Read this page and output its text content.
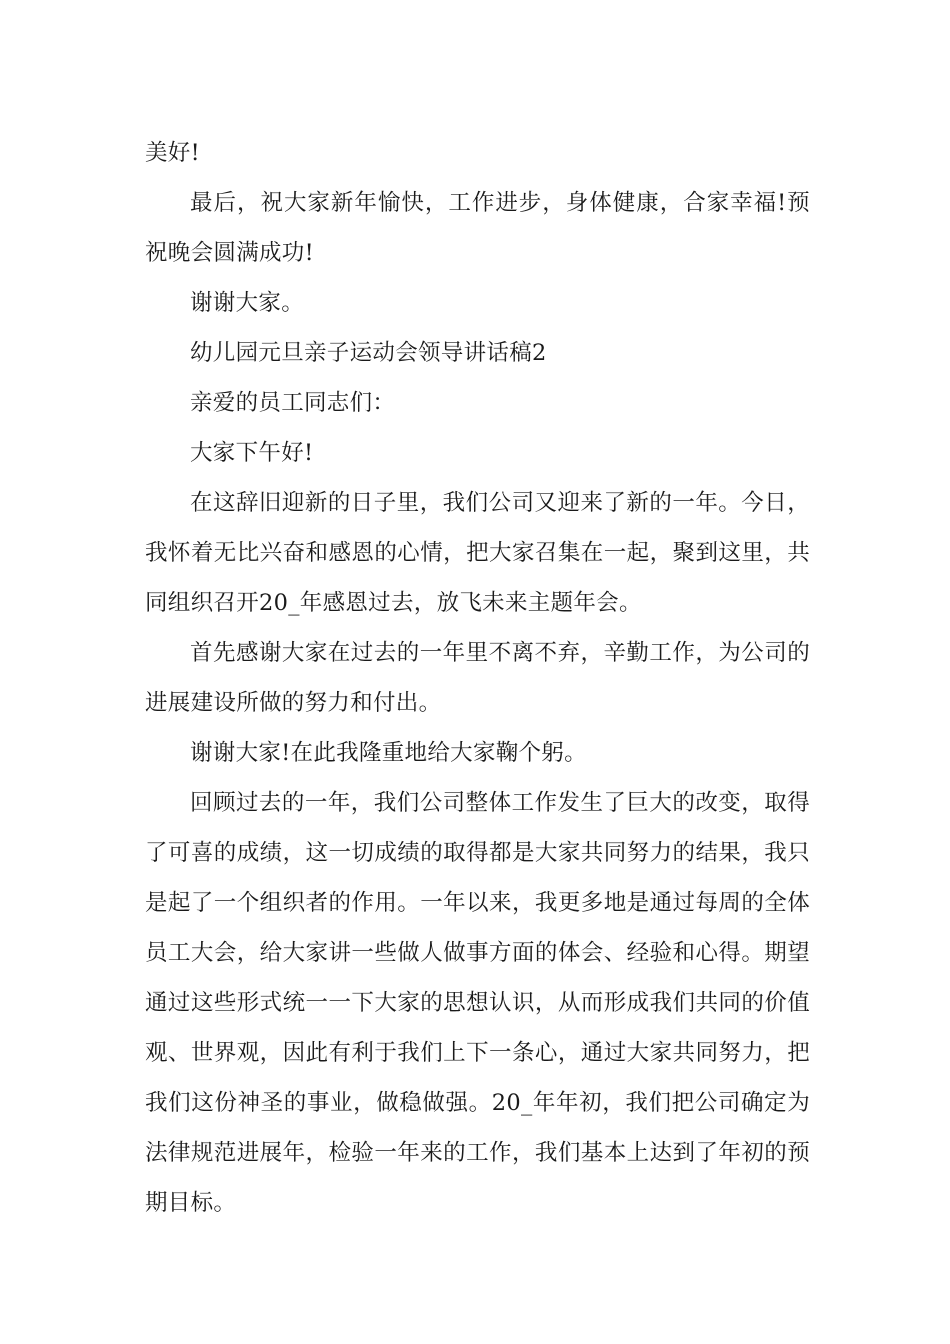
美好!

最后，祝大家新年愉快，工作进步，身体健康，合家幸福!预祝晚会圆满成功!

谢谢大家。

幼儿园元旦亲子运动会领导讲话稿2

亲爱的员工同志们：

大家下午好!

在这辞旧迎新的日子里，我们公司又迎来了新的一年。今日，我怀着无比兴奋和感恩的心情，把大家召集在一起，聚到这里，共同组织召开20_年感恩过去，放飞未来主题年会。

首先感谢大家在过去的一年里不离不弃，辛勤工作，为公司的进展建设所做的努力和付出。

谢谢大家!在此我隆重地给大家鞠个躬。

回顾过去的一年，我们公司整体工作发生了巨大的改变，取得了可喜的成绩，这一切成绩的取得都是大家共同努力的结果，我只是起了一个组织者的作用。一年以来，我更多地是通过每周的全体员工大会，给大家讲一些做人做事方面的体会、经验和心得。期望通过这些形式统一一下大家的思想认识，从而形成我们共同的价值观、世界观，因此有利于我们上下一条心，通过大家共同努力，把我们这份神圣的事业，做稳做强。20_年年初，我们把公司确定为法律规范进展年，检验一年来的工作，我们基本上达到了年初的预期目标。
